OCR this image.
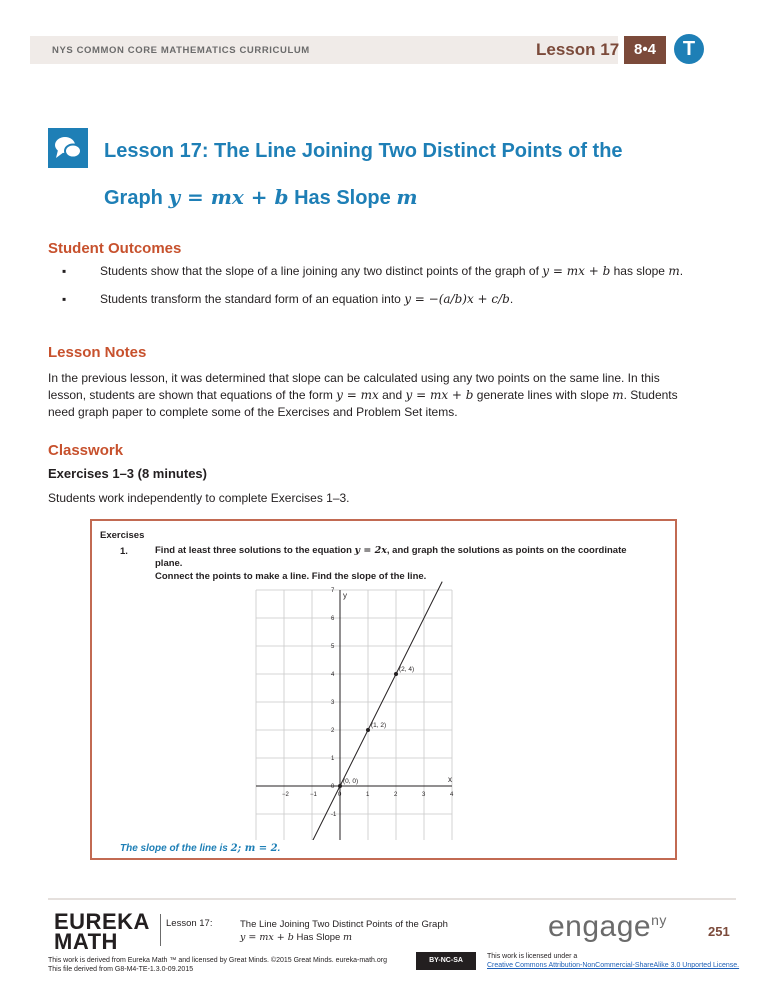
NYS COMMON CORE MATHEMATICS CURRICULUM	Lesson 17 8•4	T
Lesson 17: The Line Joining Two Distinct Points of the
Graph y = mx + b Has Slope m
Student Outcomes
▪	Students show that the slope of a line joining any two distinct points of the graph of y = mx + b has slope m.
▪	Students transform the standard form of an equation into y = −(a/b)x + c/b.
Lesson Notes
In the previous lesson, it was determined that slope can be calculated using any two points on the same line. In this
lesson, students are shown that equations of the form y = mx and y = mx + b generate lines with slope m. Students
need graph paper to complete some of the Exercises and Problem Set items.
Classwork
Exercises 1–3 (8 minutes)
Students work independently to complete Exercises 1–3.
Exercises
1.	Find at least three solutions to the equation y = 2x, and graph the solutions as points on the coordinate plane.
Connect the points to make a line. Find the slope of the line.
−2	−1	0	1	2	3	4
7
6
5
4
3
2
1
0
-1
(0, 0)
(1, 2)
(2, 4)
x
y
The slope of the line is 2; m = 2.
EUREKA
MATH
Lesson 17:	The Line Joining Two Distinct Points of the Graph
y = mx + b Has Slope m	engage$^{ny}$
251
This work is derived from Eureka Math ™ and licensed by Great Minds. ©2015 Great Minds. eureka-math.org
This file derived from G8-M4-TE-1.3.0-09.2015
BY-NC-SA
This work is licensed under a
Creative Commons Attribution-NonCommercial-ShareAlike 3.0 Unported License.
